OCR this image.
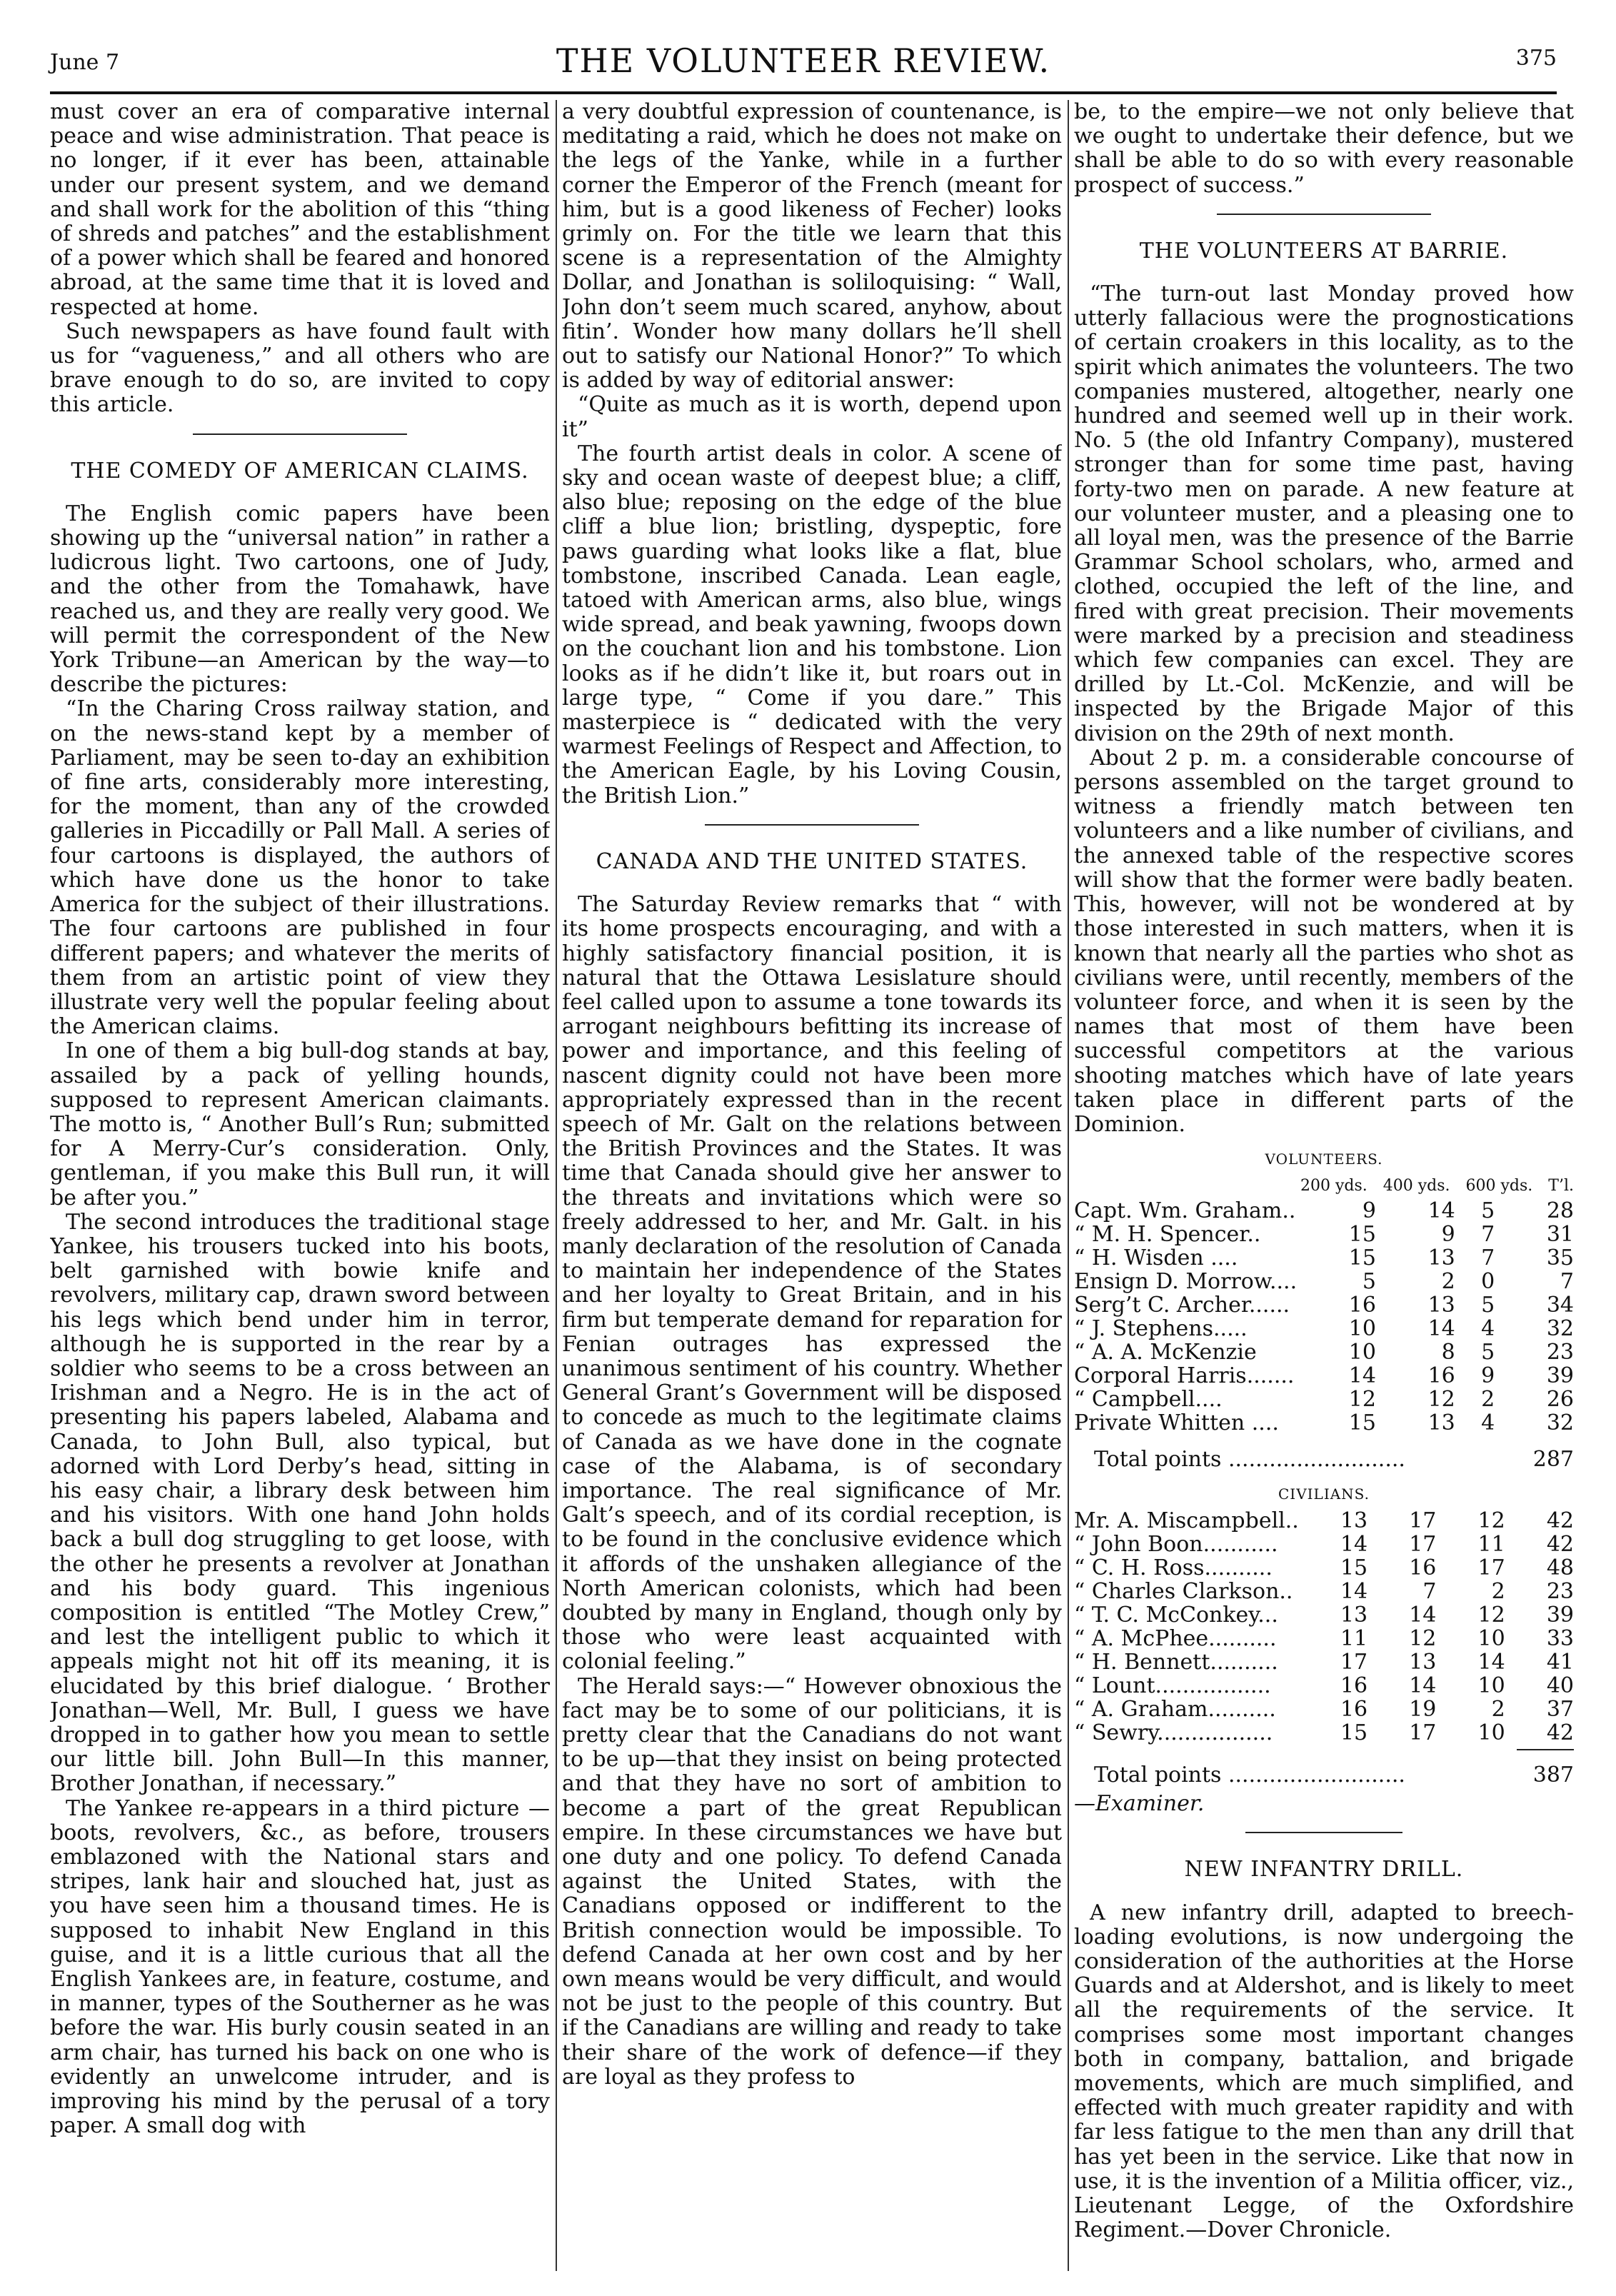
June 7	THE VOLUNTEER REVIEW.	375

must cover an era of comparative internal peace and wise administration. That peace is no longer, if it ever has been, attainable under our present system, and we demand and shall work for the abolition of this “thing of shreds and patches” and the establishment of a power which shall be feared and honored abroad, at the same time that it is loved and respected at home.

Such newspapers as have found fault with us for “vagueness,” and all others who are brave enough to do so, are invited to copy this article.

THE COMEDY OF AMERICAN CLAIMS.

The English comic papers have been showing up the “universal nation” in rather a ludicrous light. Two cartoons, one of Judy, and the other from the Tomahawk, have reached us, and they are really very good. We will permit the correspondent of the New York Tribune—an American by the way—to describe the pictures:

“In the Charing Cross railway station, and on the news-stand kept by a member of Parliament, may be seen to-day an exhibition of fine arts, considerably more interesting, for the moment, than any of the crowded galleries in Piccadilly or Pall Mall. A series of four cartoons is displayed, the authors of which have done us the honor to take America for the subject of their illustrations. The four cartoons are published in four different papers; and whatever the merits of them from an artistic point of view they illustrate very well the popular feeling about the American claims.

In one of them a big bull-dog stands at bay, assailed by a pack of yelling hounds, supposed to represent American claimants. The motto is, “ Another Bull’s Run; submitted for A Merry-Cur’s consideration. Only, gentleman, if you make this Bull run, it will be after you.”

The second introduces the traditional stage Yankee, his trousers tucked into his boots, belt garnished with bowie knife and revolvers, military cap, drawn sword between his legs which bend under him in terror, although he is supported in the rear by a soldier who seems to be a cross between an Irishman and a Negro. He is in the act of presenting his papers labeled, Alabama and Canada, to John Bull, also typical, but adorned with Lord Derby’s head, sitting in his easy chair, a library desk between him and his visitors. With one hand John holds back a bull dog struggling to get loose, with the other he presents a revolver at Jonathan and his body guard. This ingenious composition is entitled “The Motley Crew,” and lest the intelligent public to which it appeals might not hit off its meaning, it is elucidated by this brief dialogue. ‘ Brother Jonathan—Well, Mr. Bull, I guess we have dropped in to gather how you mean to settle our little bill. John Bull—In this manner, Brother Jonathan, if necessary.”

The Yankee re-appears in a third picture —boots, revolvers, &c., as before, trousers emblazoned with the National stars and stripes, lank hair and slouched hat, just as you have seen him a thousand times. He is supposed to inhabit New England in this guise, and it is a little curious that all the English Yankees are, in feature, costume, and in manner, types of the Southerner as he was before the war. His burly cousin seated in an arm chair, has turned his back on one who is evidently an unwelcome intruder, and is improving his mind by the perusal of a tory paper. A small dog with

a very doubtful expression of countenance, is meditating a raid, which he does not make on the legs of the Yanke, while in a further corner the Emperor of the French (meant for him, but is a good likeness of Fecher) looks grimly on. For the title we learn that this scene is a representation of the Almighty Dollar, and Jonathan is soliloquising: “ Wall, John don’t seem much scared, anyhow, about fitin’. Wonder how many dollars he’ll shell out to satisfy our National Honor?” To which is added by way of editorial answer:

“Quite as much as it is worth, depend upon it”

The fourth artist deals in color. A scene of sky and ocean waste of deepest blue; a cliff, also blue; reposing on the edge of the blue cliff a blue lion; bristling, dyspeptic, fore paws guarding what looks like a flat, blue tombstone, inscribed Canada. Lean eagle, tatoed with American arms, also blue, wings wide spread, and beak yawning, fwoops down on the couchant lion and his tombstone. Lion looks as if he didn’t like it, but roars out in large type, “ Come if you dare.” This masterpiece is “ dedicated with the very warmest Feelings of Respect and Affection, to the American Eagle, by his Loving Cousin, the British Lion.”

CANADA AND THE UNITED STATES.

The Saturday Review remarks that “ with its home prospects encouraging, and with a highly satisfactory financial position, it is natural that the Ottawa Lesislature should feel called upon to assume a tone towards its arrogant neighbours befitting its increase of power and importance, and this feeling of nascent dignity could not have been more appropriately expressed than in the recent speech of Mr. Galt on the relations between the British Provinces and the States. It was time that Canada should give her answer to the threats and invitations which were so freely addressed to her, and Mr. Galt. in his manly declaration of the resolution of Canada to maintain her independence of the States and her loyalty to Great Britain, and in his firm but temperate demand for reparation for Fenian outrages has expressed the unanimous sentiment of his country. Whether General Grant’s Government will be disposed to concede as much to the legitimate claims of Canada as we have done in the cognate case of the Alabama, is of secondary importance. The real significance of Mr. Galt’s speech, and of its cordial reception, is to be found in the conclusive evidence which it affords of the unshaken allegiance of the North American colonists, which had been doubted by many in England, though only by those who were least acquainted with colonial feeling.”

The Herald says:—“ However obnoxious the fact may be to some of our politicians, it is pretty clear that the Canadians do not want to be up—that they insist on being protected and that they have no sort of ambition to become a part of the great Republican empire. In these circumstances we have but one duty and one policy. To defend Canada against the United States, with the Canadians opposed or indifferent to the British connection would be impossible. To defend Canada at her own cost and by her own means would be very difficult, and would not be just to the people of this country. But if the Canadians are willing and ready to take their share of the work of defence—if they are loyal as they profess to

be, to the empire—we not only believe that we ought to undertake their defence, but we shall be able to do so with every reasonable prospect of success.”

THE VOLUNTEERS AT BARRIE.

“The turn-out last Monday proved how utterly fallacious were the prognostications of certain croakers in this locality, as to the spirit which animates the volunteers. The two companies mustered, altogether, nearly one hundred and seemed well up in their work. No. 5 (the old Infantry Company), mustered stronger than for some time past, having forty-two men on parade. A new feature at our volunteer muster, and a pleasing one to all loyal men, was the presence of the Barrie Grammar School scholars, who, armed and clothed, occupied the left of the line, and fired with great precision. Their movements were marked by a precision and steadiness which few companies can excel. They are drilled by Lt.-Col. McKenzie, and will be inspected by the Brigade Major of this division on the 29th of next month.

About 2 p. m. a considerable concourse of persons assembled on the target ground to witness a friendly match between ten volunteers and a like number of civilians, and the annexed table of the respective scores will show that the former were badly beaten. This, however, will not be wondered at by those interested in such matters, when it is known that nearly all the parties who shot as civilians were, until recently, members of the volunteer force, and when it is seen by the names that most of them have been successful competitors at the various shooting matches which have of late years taken place in different parts of the Dominion.

VOLUNTEERS.
200 yds. 400 yds. 600 yds. T’l.
Capt. Wm. Graham..	9	14	5	28
“ M. H. Spencer..	15	9	7	31
“ H. Wisden ....	15	13	7	35
Ensign D. Morrow....	5	2	0	7
Serg’t C. Archer......	16	13	5	34
“ J. Stephens.....	10	14	4	32
“ A. A. McKenzie	10	8	5	23
Corporal Harris.......	14	16	9	39
“ Campbell....	12	12	2	26
Private Whitten ....	15	13	4	32
Total points ..........................	287
CIVILIANS.
Mr. A. Miscampbell..	13	17	12	42
“ John Boon...........	14	17	11	42
“ C. H. Ross..........	15	16	17	48
“ Charles Clarkson..	14	7	2	23
“ T. C. McConkey...	13	14	12	39
“ A. McPhee..........	11	12	10	33
“ H. Bennett..........	17	13	14	41
“ Lount.................	16	14	10	40
“ A. Graham..........	16	19	2	37
“ Sewry.................	15	17	10	42
Total points ..........................	387
—Examiner.
NEW INFANTRY DRILL.

A new infantry drill, adapted to breech-loading evolutions, is now undergoing the consideration of the authorities at the Horse Guards and at Aldershot, and is likely to meet all the requirements of the service. It comprises some most important changes both in company, battalion, and brigade movements, which are much simplified, and effected with much greater rapidity and with far less fatigue to the men than any drill that has yet been in the service. Like that now in use, it is the invention of a Militia officer, viz., Lieutenant Legge, of the Oxfordshire Regiment.—Dover Chronicle.
